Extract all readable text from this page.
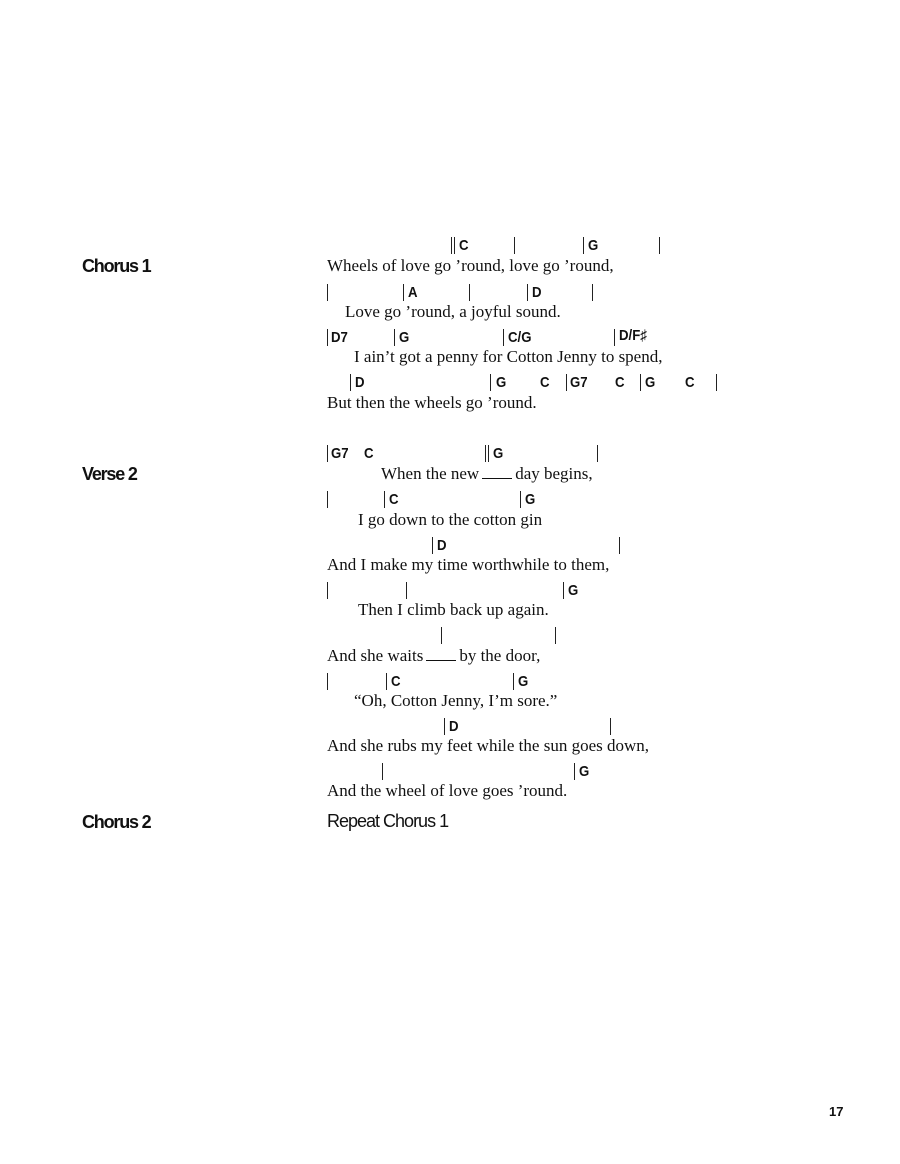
Chorus 1
C	G
Wheels of love go ’round, love go ’round,
A	D
Love go ’round, a joyful sound.
D7	G	C/G	D/F♯
I ain’t got a penny for Cotton Jenny to spend,
D	G C G7 C G C
But then the wheels go ’round.
Verse 2
G7 C	G
When the new day begins,
C	G
I go down to the cotton gin
D
And I make my time worthwhile to them,
G
Then I climb back up again.
And she waits by the door,
C	G
“Oh, Cotton Jenny, I’m sore.”
D
And she rubs my feet while the sun goes down,
G
And the wheel of love goes ’round.
Chorus 2	Repeat Chorus 1
17
